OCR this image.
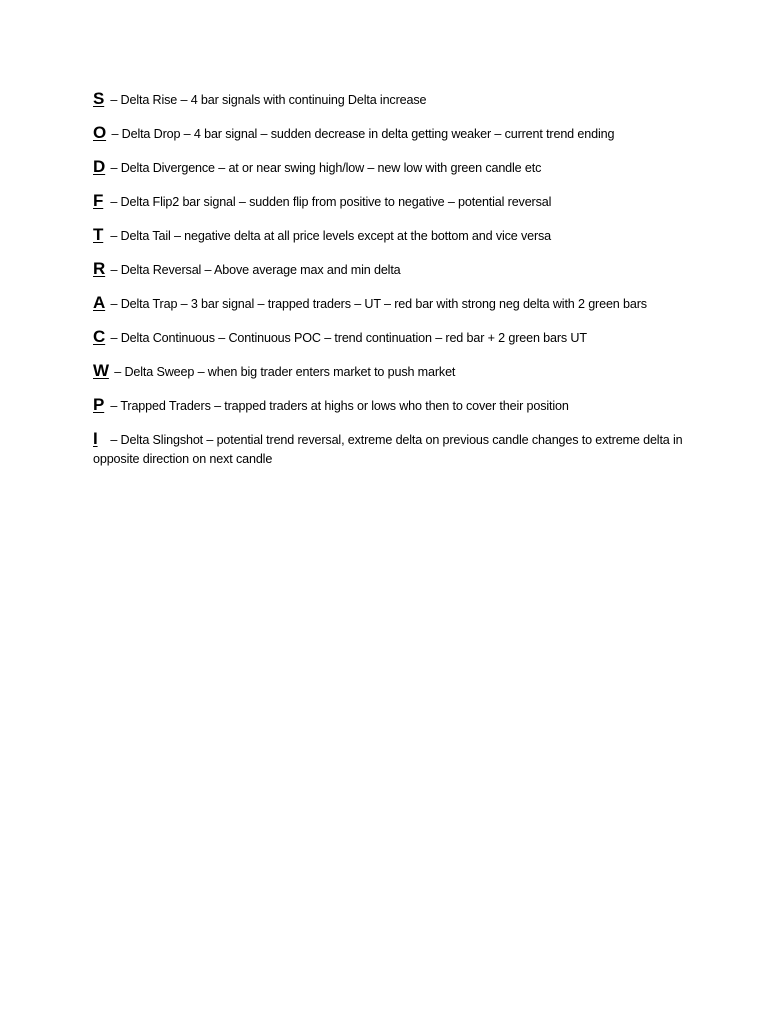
S – Delta Rise – 4 bar signals with continuing Delta increase
O – Delta Drop – 4 bar signal – sudden decrease in delta getting weaker – current trend ending
D – Delta Divergence – at or near swing high/low – new low with green candle etc
F – Delta Flip2 bar signal – sudden flip from positive to negative – potential reversal
T – Delta Tail – negative delta at all price levels except at the bottom and vice versa
R – Delta Reversal – Above average max and min delta
A – Delta Trap – 3 bar signal – trapped traders – UT – red bar with strong neg delta with 2 green bars
C – Delta Continuous – Continuous POC – trend continuation – red bar + 2 green bars UT
W – Delta Sweep – when big trader enters market to push market
P – Trapped Traders – trapped traders at highs or lows who then to cover their position
I – Delta Slingshot – potential trend reversal, extreme delta on previous candle changes to extreme delta in opposite direction on next candle
